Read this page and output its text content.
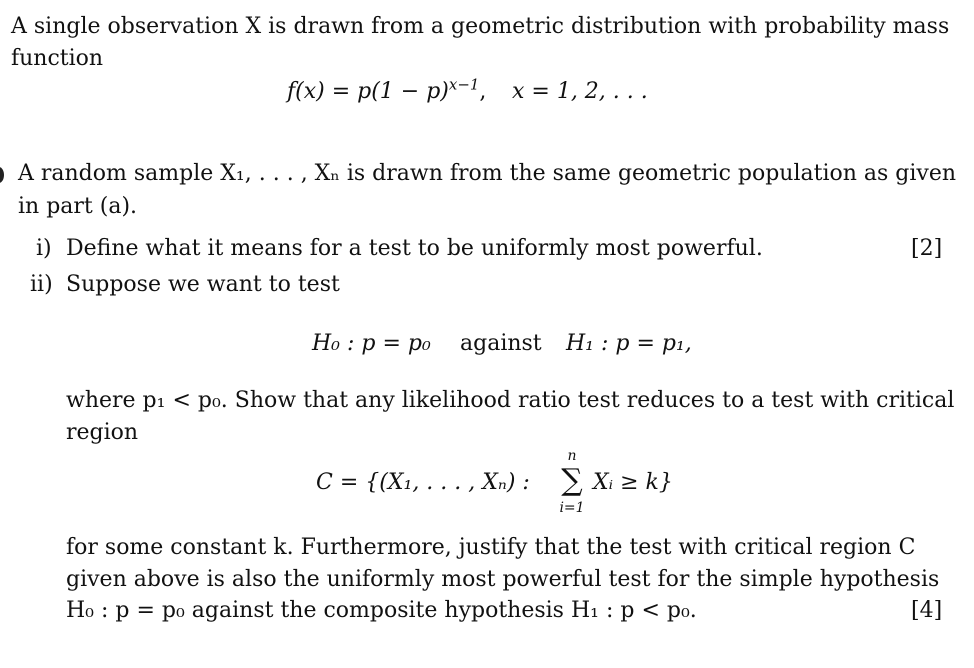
A single observation X is drawn from a geometric distribution with probability mass
function
$f(x) = p(1 - p)^{x-1}$, x = 1, 2, . . .
A random sample X₁, . . . , Xₙ is drawn from the same geometric population as given
in part (a).
i) Define what it means for a test to be uniformly most powerful.	[2]
ii) Suppose we want to test
H₀ : p = p₀ against H₁ : p = p₁,
where p₁ < p₀. Show that any likelihood ratio test reduces to a test with critical
region
C = {(X₁, . . . , Xₙ) :
n
∑
i=1
Xᵢ ≥ k}
for some constant k. Furthermore, justify that the test with critical region C
given above is also the uniformly most powerful test for the simple hypothesis
H₀ : p = p₀ against the composite hypothesis H₁ : p < p₀.	[4]
